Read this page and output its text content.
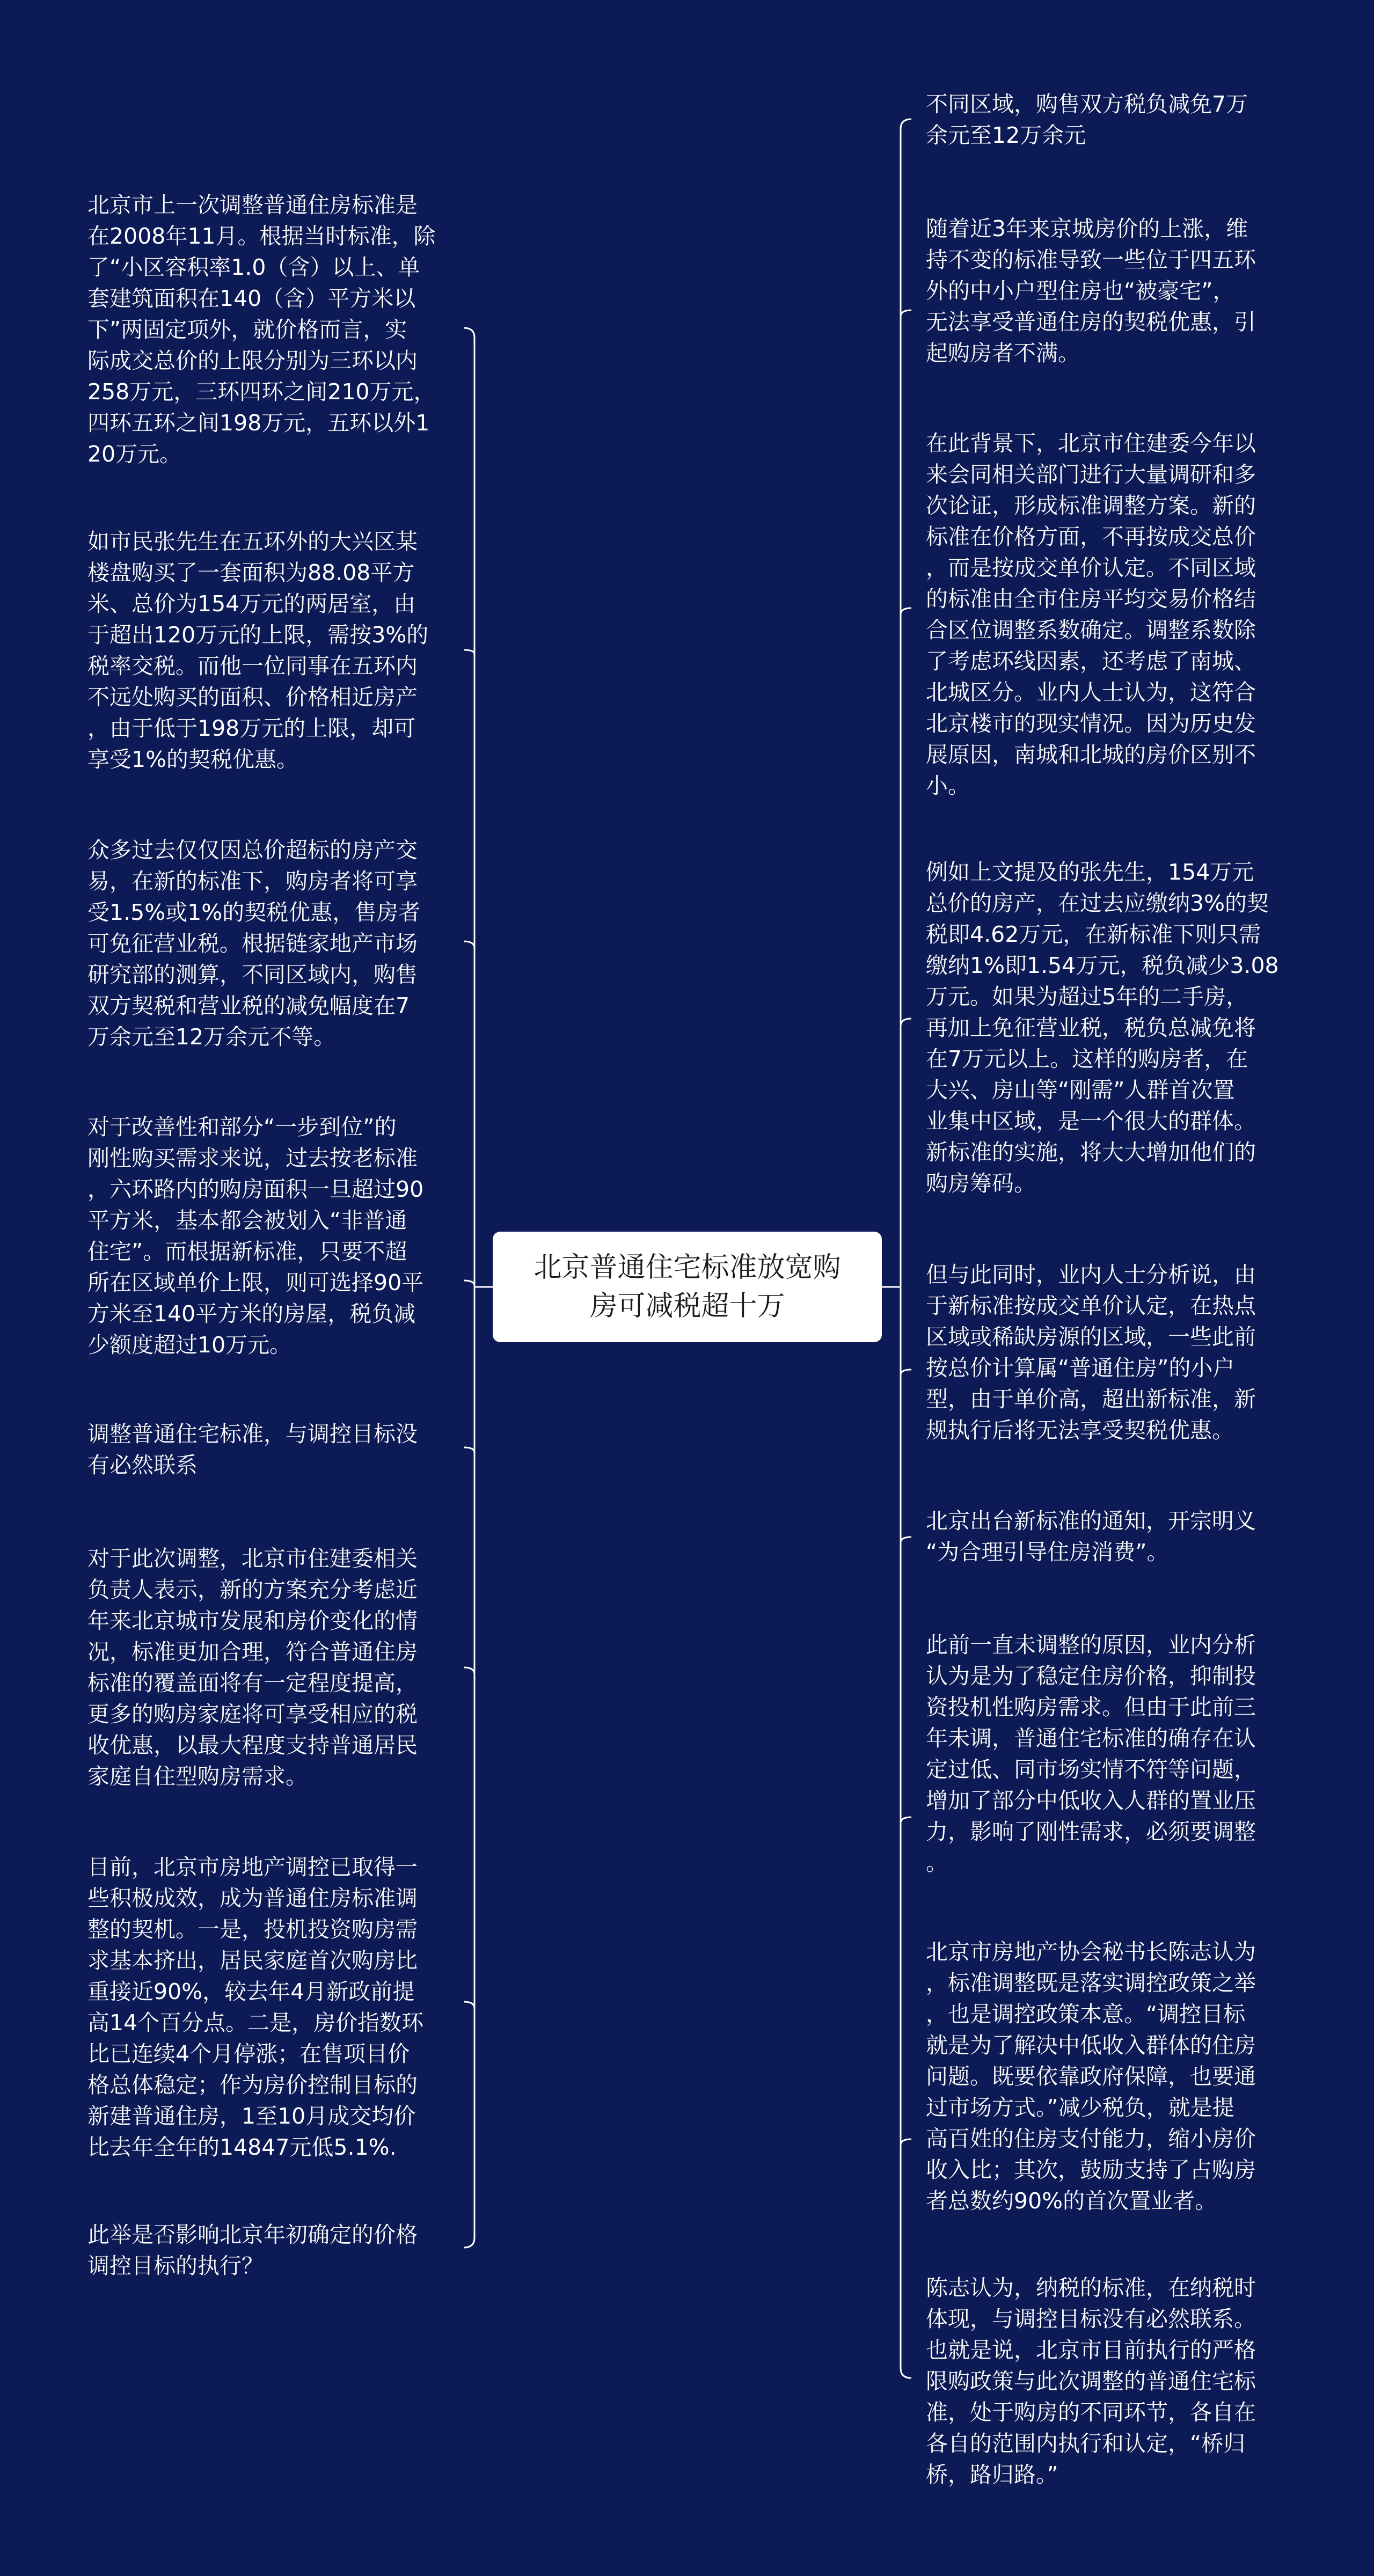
北京普通住宅标准放宽购
房可减税超十万
北京市上一次调整普通住房标准是
在2008年11月。根据当时标准，除
了“小区容积率1.0（含）以上、单
套建筑面积在140（含）平方米以
下”两固定项外，就价格而言，实
际成交总价的上限分别为三环以内
258万元，三环四环之间210万元，
四环五环之间198万元，五环以外1
20万元。
如市民张先生在五环外的大兴区某
楼盘购买了一套面积为88.08平方
米、总价为154万元的两居室，由
于超出120万元的上限，需按3%的
税率交税。而他一位同事在五环内
不远处购买的面积、价格相近房产
，由于低于198万元的上限，却可
享受1%的契税优惠。
众多过去仅仅因总价超标的房产交
易，在新的标准下，购房者将可享
受1.5%或1%的契税优惠，售房者
可免征营业税。根据链家地产市场
研究部的测算，不同区域内，购售
双方契税和营业税的减免幅度在7
万余元至12万余元不等。
对于改善性和部分“一步到位”的
刚性购买需求来说，过去按老标准
，六环路内的购房面积一旦超过90
平方米，基本都会被划入“非普通
住宅”。而根据新标准，只要不超
所在区域单价上限，则可选择90平
方米至140平方米的房屋，税负减
少额度超过10万元。
调整普通住宅标准，与调控目标没
有必然联系
对于此次调整，北京市住建委相关
负责人表示，新的方案充分考虑近
年来北京城市发展和房价变化的情
况，标准更加合理，符合普通住房
标准的覆盖面将有一定程度提高，
更多的购房家庭将可享受相应的税
收优惠，以最大程度支持普通居民
家庭自住型购房需求。
目前，北京市房地产调控已取得一
些积极成效，成为普通住房标准调
整的契机。一是，投机投资购房需
求基本挤出，居民家庭首次购房比
重接近90%，较去年4月新政前提
高14个百分点。二是，房价指数环
比已连续4个月停涨；在售项目价
格总体稳定；作为房价控制目标的
新建普通住房，1至10月成交均价
比去年全年的14847元低5.1%.
此举是否影响北京年初确定的价格
调控目标的执行？
不同区域，购售双方税负减免7万
余元至12万余元
随着近3年来京城房价的上涨，维
持不变的标准导致一些位于四五环
外的中小户型住房也“被豪宅”，
无法享受普通住房的契税优惠，引
起购房者不满。
在此背景下，北京市住建委今年以
来会同相关部门进行大量调研和多
次论证，形成标准调整方案。新的
标准在价格方面，不再按成交总价
，而是按成交单价认定。不同区域
的标准由全市住房平均交易价格结
合区位调整系数确定。调整系数除
了考虑环线因素，还考虑了南城、
北城区分。业内人士认为，这符合
北京楼市的现实情况。因为历史发
展原因，南城和北城的房价区别不
小。
例如上文提及的张先生，154万元
总价的房产，在过去应缴纳3%的契
税即4.62万元，在新标准下则只需
缴纳1%即1.54万元，税负减少3.08
万元。如果为超过5年的二手房，
再加上免征营业税，税负总减免将
在7万元以上。这样的购房者，在
大兴、房山等“刚需”人群首次置
业集中区域，是一个很大的群体。
新标准的实施，将大大增加他们的
购房筹码。
但与此同时，业内人士分析说，由
于新标准按成交单价认定，在热点
区域或稀缺房源的区域，一些此前
按总价计算属“普通住房”的小户
型，由于单价高，超出新标准，新
规执行后将无法享受契税优惠。
北京出台新标准的通知，开宗明义
“为合理引导住房消费”。
此前一直未调整的原因，业内分析
认为是为了稳定住房价格，抑制投
资投机性购房需求。但由于此前三
年未调，普通住宅标准的确存在认
定过低、同市场实情不符等问题，
增加了部分中低收入人群的置业压
力，影响了刚性需求，必须要调整
。
北京市房地产协会秘书长陈志认为
，标准调整既是落实调控政策之举
，也是调控政策本意。“调控目标
就是为了解决中低收入群体的住房
问题。既要依靠政府保障，也要通
过市场方式。”减少税负，就是提
高百姓的住房支付能力，缩小房价
收入比；其次，鼓励支持了占购房
者总数约90%的首次置业者。
陈志认为，纳税的标准，在纳税时
体现，与调控目标没有必然联系。
也就是说，北京市目前执行的严格
限购政策与此次调整的普通住宅标
准，处于购房的不同环节，各自在
各自的范围内执行和认定，“桥归
桥，路归路。”
